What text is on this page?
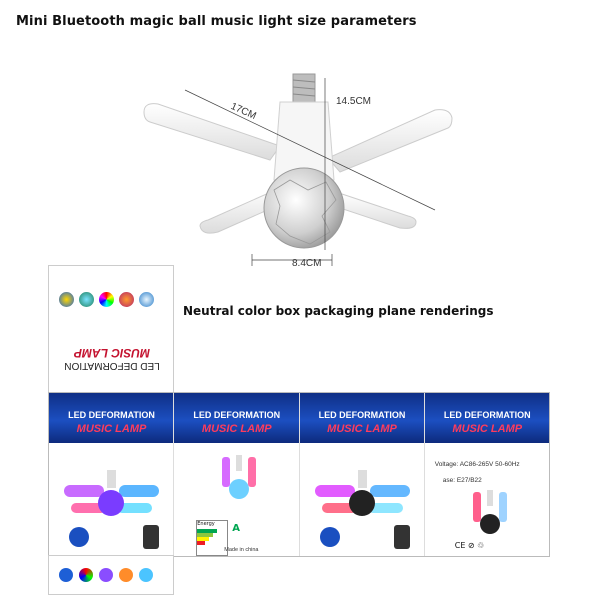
Mini Bluetooth magic ball music light size parameters
17CM	14.5CM
8.4CM
Neutral color box packaging plane renderings
LED DEFORMATION
MUSIC LAMP
LED DEFORMATION
MUSIC LAMP
LED DEFORMATION
MUSIC LAMP
Energy	A
Made in china
LED DEFORMATION
MUSIC LAMP
LED DEFORMATION
MUSIC LAMP
Voltage: AC86-265V 50-60Hz
ase: E27/B22
CE ⊘ ♲
